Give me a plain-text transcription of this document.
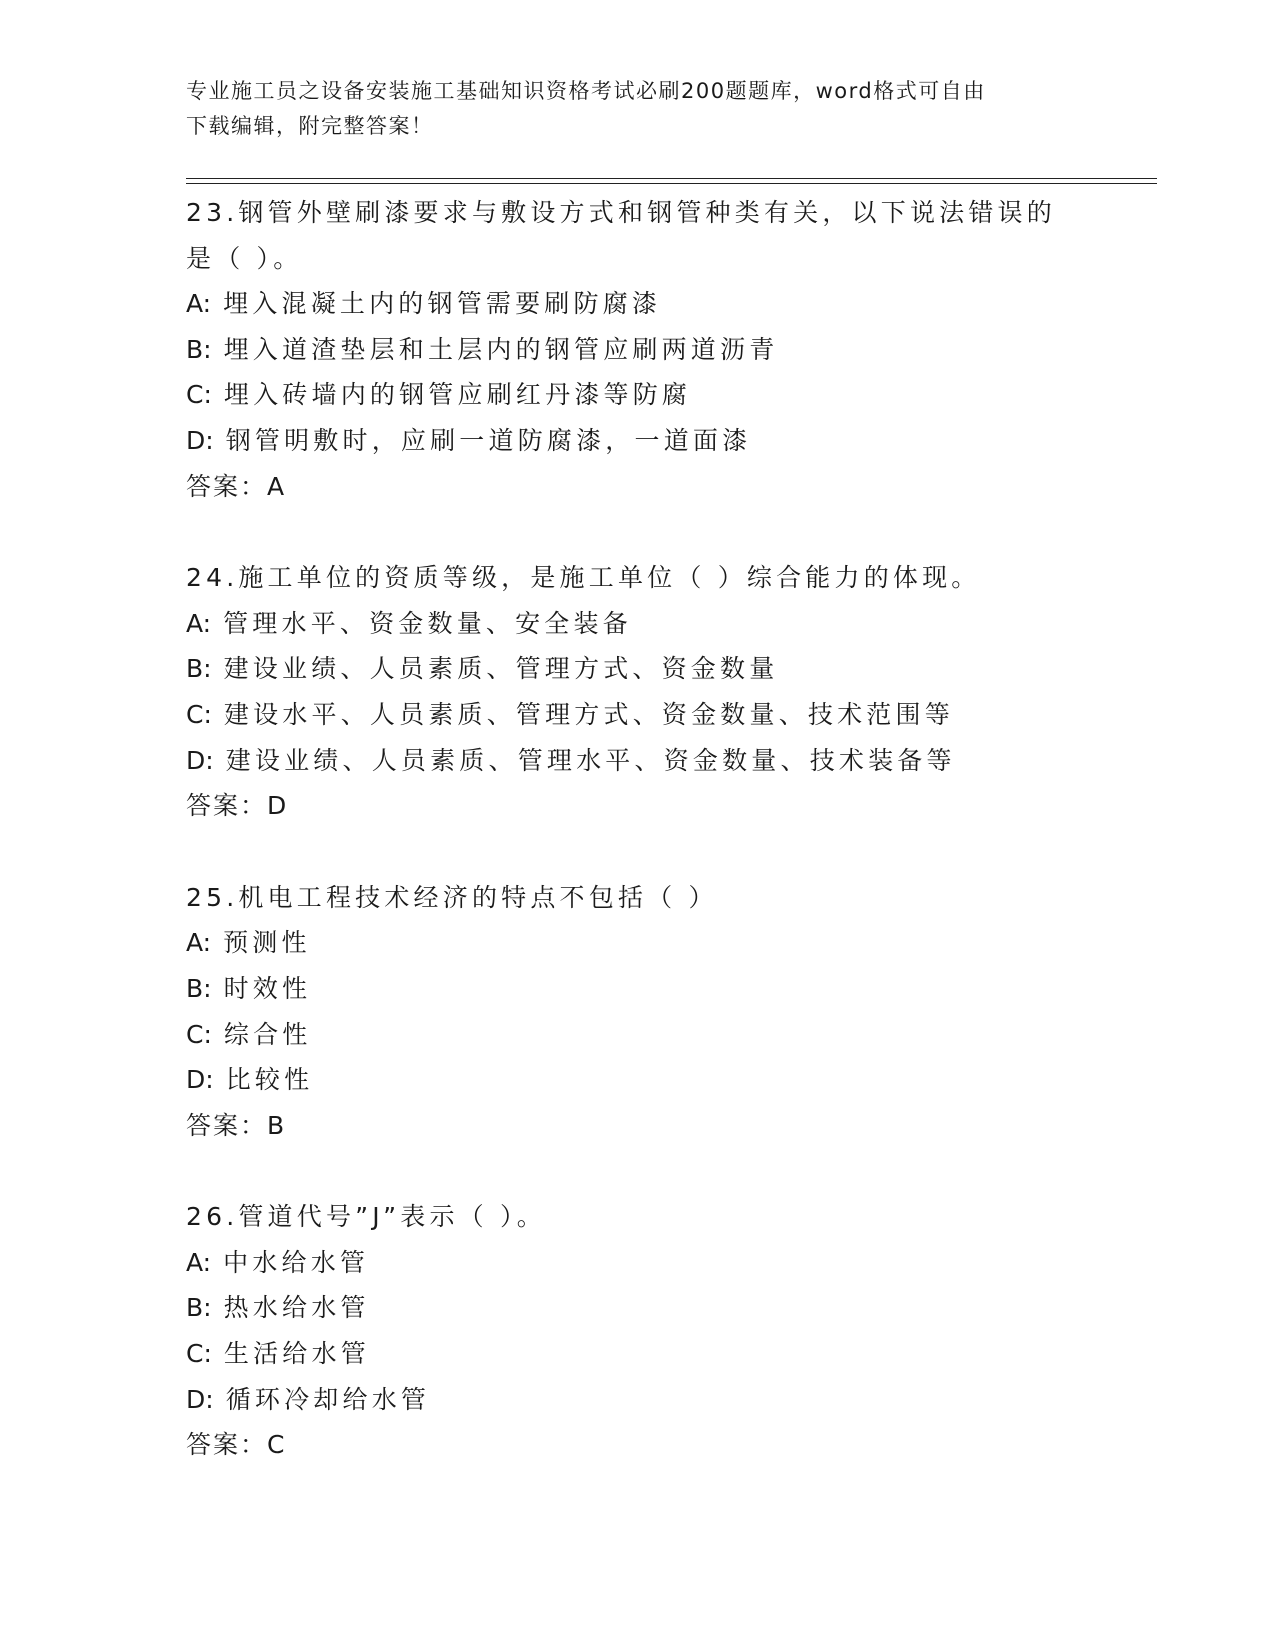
专业施工员之设备安装施工基础知识资格考试必刷200题题库，word格式可自由
下载编辑，附完整答案！

23.钢管外壁刷漆要求与敷设方式和钢管种类有关，以下说法错误的是（ ）。

A: 埋入混凝土内的钢管需要刷防腐漆

B: 埋入道渣垫层和土层内的钢管应刷两道沥青

C: 埋入砖墙内的钢管应刷红丹漆等防腐

D: 钢管明敷时，应刷一道防腐漆，一道面漆

答案：A

24.施工单位的资质等级，是施工单位（ ）综合能力的体现。

A: 管理水平、资金数量、安全装备

B: 建设业绩、人员素质、管理方式、资金数量

C: 建设水平、人员素质、管理方式、资金数量、技术范围等

D: 建设业绩、人员素质、管理水平、资金数量、技术装备等

答案：D

25.机电工程技术经济的特点不包括（ ）

A: 预测性

B: 时效性

C: 综合性

D: 比较性

答案：B

26.管道代号”J”表示（ ）。

A: 中水给水管

B: 热水给水管

C: 生活给水管

D: 循环冷却给水管

答案：C
